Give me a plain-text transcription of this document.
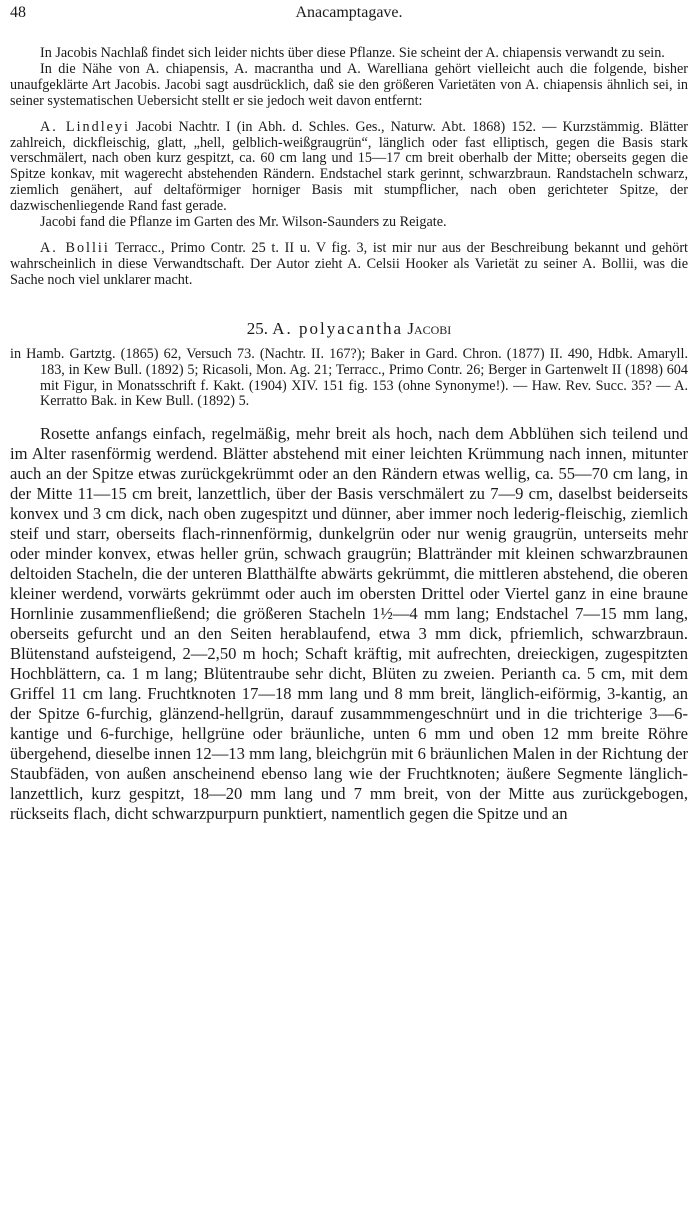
48	Anacamptagave.

In Jacobis Nachlaß findet sich leider nichts über diese Pflanze. Sie scheint der A. chiapensis verwandt zu sein.

In die Nähe von A. chiapensis, A. macrantha und A. Warelliana gehört vielleicht auch die folgende, bisher unaufgeklärte Art Jacobis. Jacobi sagt ausdrücklich, daß sie den größeren Varietäten von A. chiapensis ähnlich sei, in seiner systematischen Uebersicht stellt er sie jedoch weit davon entfernt:

A. Lindleyi Jacobi Nachtr. I (in Abh. d. Schles. Ges., Naturw. Abt. 1868) 152. — Kurzstämmig. Blätter zahlreich, dickfleischig, glatt, „hell, gelblich-weißgraugrün“, länglich oder fast elliptisch, gegen die Basis stark verschmälert, nach oben kurz gespitzt, ca. 60 cm lang und 15—17 cm breit oberhalb der Mitte; oberseits gegen die Spitze konkav, mit wagerecht abstehenden Rändern. Endstachel stark gerinnt, schwarzbraun. Randstacheln schwarz, ziemlich genähert, auf deltaförmiger horniger Basis mit stumpflicher, nach oben gerichteter Spitze, der dazwischenliegende Rand fast gerade.

Jacobi fand die Pflanze im Garten des Mr. Wilson-Saunders zu Reigate.

A. Bollii Terracc., Primo Contr. 25 t. II u. V fig. 3, ist mir nur aus der Beschreibung bekannt und gehört wahrscheinlich in diese Verwandtschaft. Der Autor zieht A. Celsii Hooker als Varietät zu seiner A. Bollii, was die Sache noch viel unklarer macht.

25. A. polyacantha Jacobi

in Hamb. Gartztg. (1865) 62, Versuch 73. (Nachtr. II. 167?); Baker in Gard. Chron. (1877) II. 490, Hdbk. Amaryll. 183, in Kew Bull. (1892) 5; Ricasoli, Mon. Ag. 21; Terracc., Primo Contr. 26; Berger in Gartenwelt II (1898) 604 mit Figur, in Monatsschrift f. Kakt. (1904) XIV. 151 fig. 153 (ohne Synonyme!). — Haw. Rev. Succ. 35? — A. Kerratto Bak. in Kew Bull. (1892) 5.

Rosette anfangs einfach, regelmäßig, mehr breit als hoch, nach dem Abblühen sich teilend und im Alter rasenförmig werdend. Blätter abstehend mit einer leichten Krümmung nach innen, mitunter auch an der Spitze etwas zurückgekrümmt oder an den Rändern etwas wellig, ca. 55—70 cm lang, in der Mitte 11—15 cm breit, lanzettlich, über der Basis verschmälert zu 7—9 cm, daselbst beiderseits konvex und 3 cm dick, nach oben zugespitzt und dünner, aber immer noch lederig-fleischig, ziemlich steif und starr, oberseits flach-rinnenförmig, dunkelgrün oder nur wenig graugrün, unterseits mehr oder minder konvex, etwas heller grün, schwach graugrün; Blattränder mit kleinen schwarzbraunen deltoiden Stacheln, die der unteren Blatthälfte abwärts gekrümmt, die mittleren abstehend, die oberen kleiner werdend, vorwärts gekrümmt oder auch im obersten Drittel oder Viertel ganz in eine braune Hornlinie zusammenfließend; die größeren Stacheln 1½—4 mm lang; Endstachel 7—15 mm lang, oberseits gefurcht und an den Seiten herablaufend, etwa 3 mm dick, pfriemlich, schwarzbraun. Blütenstand aufsteigend, 2—2,50 m hoch; Schaft kräftig, mit aufrechten, dreieckigen, zugespitzten Hochblättern, ca. 1 m lang; Blütentraube sehr dicht, Blüten zu zweien. Perianth ca. 5 cm, mit dem Griffel 11 cm lang. Fruchtknoten 17—18 mm lang und 8 mm breit, länglich-eiförmig, 3-kantig, an der Spitze 6-furchig, glänzend-hellgrün, darauf zusammmengeschnürt und in die trichterige 3—6-kantige und 6-furchige, hellgrüne oder bräunliche, unten 6 mm und oben 12 mm breite Röhre übergehend, dieselbe innen 12—13 mm lang, bleichgrün mit 6 bräunlichen Malen in der Richtung der Staubfäden, von außen anscheinend ebenso lang wie der Fruchtknoten; äußere Segmente länglich-lanzettlich, kurz gespitzt, 18—20 mm lang und 7 mm breit, von der Mitte aus zurückgebogen, rückseits flach, dicht schwarzpurpurn punktiert, namentlich gegen die Spitze und an
